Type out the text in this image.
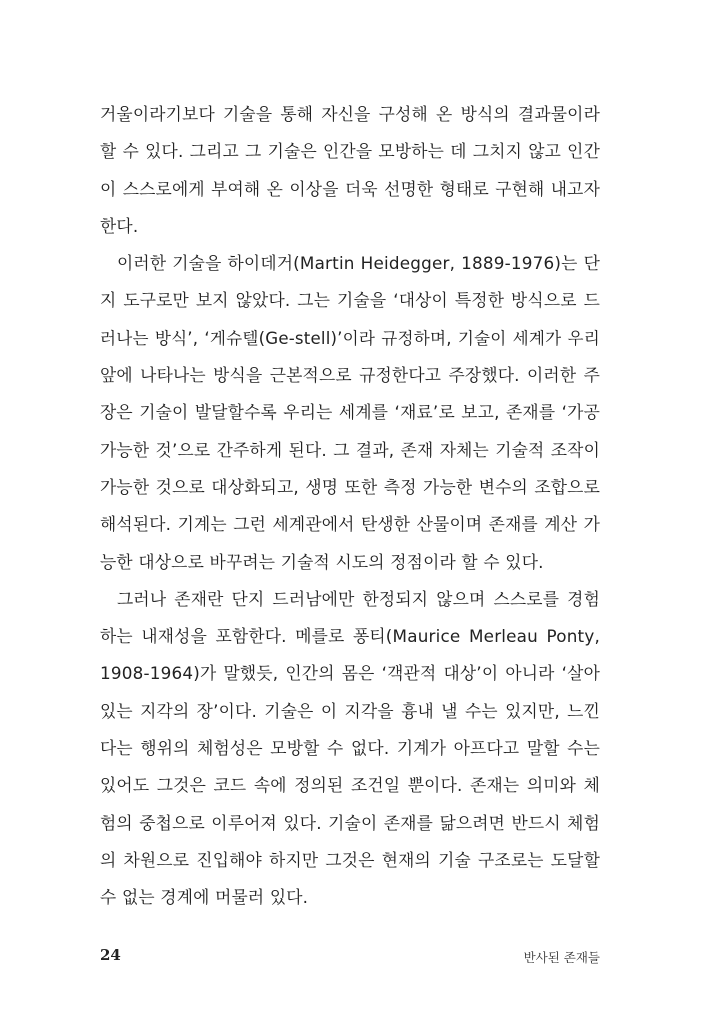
거울이라기보다 기술을 통해 자신을 구성해 온 방식의 결과물이라
할 수 있다. 그리고 그 기술은 인간을 모방하는 데 그치지 않고 인간
이 스스로에게 부여해 온 이상을 더욱 선명한 형태로 구현해 내고자
한다.
이러한 기술을 하이데거(Martin Heidegger, 1889-1976)는 단
지 도구로만 보지 않았다. 그는 기술을 ‘대상이 특정한 방식으로 드
러나는 방식’, ‘게슈텔(Ge-stell)’이라 규정하며, 기술이 세계가 우리
앞에 나타나는 방식을 근본적으로 규정한다고 주장했다. 이러한 주
장은 기술이 발달할수록 우리는 세계를 ‘재료’로 보고, 존재를 ‘가공
가능한 것’으로 간주하게 된다. 그 결과, 존재 자체는 기술적 조작이
가능한 것으로 대상화되고, 생명 또한 측정 가능한 변수의 조합으로
해석된다. 기계는 그런 세계관에서 탄생한 산물이며 존재를 계산 가
능한 대상으로 바꾸려는 기술적 시도의 정점이라 할 수 있다.
그러나 존재란 단지 드러남에만 한정되지 않으며 스스로를 경험
하는 내재성을 포함한다. 메를로 퐁티(Maurice Merleau Ponty,
1908-1964)가 말했듯, 인간의 몸은 ‘객관적 대상’이 아니라 ‘살아
있는 지각의 장’이다. 기술은 이 지각을 흉내 낼 수는 있지만, 느낀
다는 행위의 체험성은 모방할 수 없다. 기계가 아프다고 말할 수는
있어도 그것은 코드 속에 정의된 조건일 뿐이다. 존재는 의미와 체
험의 중첩으로 이루어져 있다. 기술이 존재를 닮으려면 반드시 체험
의 차원으로 진입해야 하지만 그것은 현재의 기술 구조로는 도달할
수 없는 경계에 머물러 있다.
24	반사된 존재들
